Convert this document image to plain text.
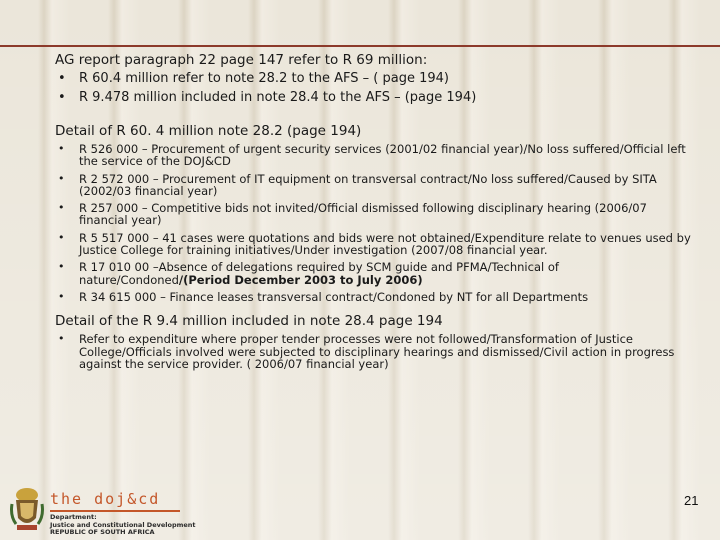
AG report paragraph 22 page 147 refer to R 69 million:

• R 60.4 million refer to note 28.2 to the AFS – ( page 194)
• R 9.478 million included in note 28.4 to the AFS – (page 194)

Detail of R 60. 4 million note 28.2 (page 194)

• R 526 000 – Procurement of urgent security services (2001/02 financial year)/No loss suffered/Official left the service of the DOJ&CD
• R 2 572 000 – Procurement of IT equipment on transversal contract/No loss suffered/Caused by SITA (2002/03 financial year)
• R 257 000 – Competitive bids not invited/Official dismissed following disciplinary hearing (2006/07 financial year)
• R 5 517 000 – 41 cases were quotations and bids were not obtained/Expenditure relate to venues used by Justice College for training initiatives/Under investigation (2007/08 financial year.
• R 17 010 00 –Absence of delegations required by SCM guide and PFMA/Technical of nature/Condoned/(Period December 2003 to July 2006)
• R 34 615 000 – Finance leases transversal contract/Condoned by NT for all Departments

Detail of the R 9.4 million included in note 28.4 page 194

• Refer to expenditure where proper tender processes were not followed/Transformation of Justice College/Officials involved were subjected to disciplinary hearings and dismissed/Civil action in progress against the service provider. ( 2006/07 financial year)
the doj&cd
Department:
Justice and Constitutional Development
REPUBLIC OF SOUTH AFRICA
21
